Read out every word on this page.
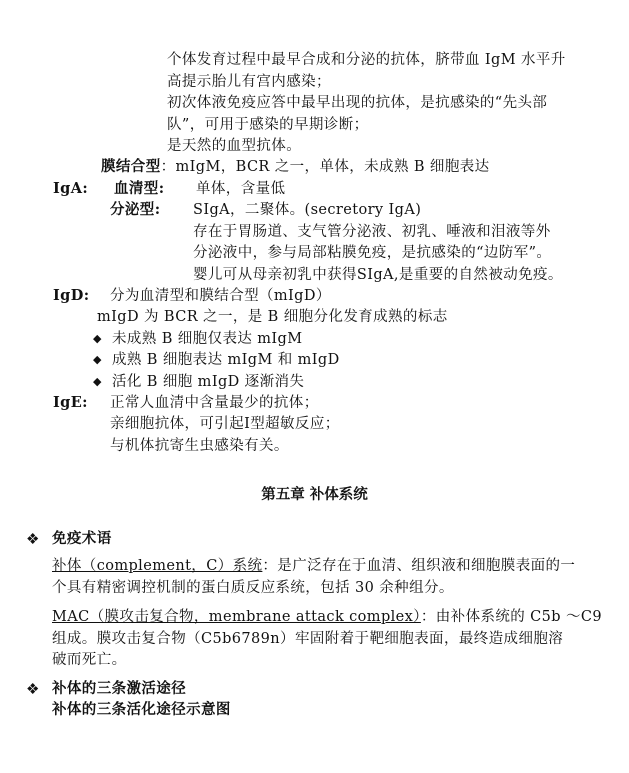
个体发育过程中最早合成和分泌的抗体，脐带血 IgM 水平升
高提示胎儿有宫内感染；
初次体液免疫应答中最早出现的抗体，是抗感染的“先头部
队”，可用于感染的早期诊断；
是天然的血型抗体。
膜结合型：mIgM，BCR 之一，单体，未成熟 B 细胞表达
IgA: 血清型: 单体，含量低
分泌型: SIgA，二聚体。(secretory IgA)
存在于胃肠道、支气管分泌液、初乳、唾液和泪液等外
分泌液中，参与局部粘膜免疫，是抗感染的“边防军”。
婴儿可从母亲初乳中获得SIgA,是重要的自然被动免疫。
IgD: 分为血清型和膜结合型（mIgD）
mIgD 为 BCR 之一，是 B 细胞分化发育成熟的标志
◆ 未成熟 B 细胞仅表达 mIgM
◆ 成熟 B 细胞表达 mIgM 和 mIgD
◆ 活化 B 细胞 mIgD 逐渐消失
IgE: 正常人血清中含量最少的抗体；
亲细胞抗体，可引起Ⅰ型超敏反应；
与机体抗寄生虫感染有关。
第五章 补体系统
❖ 免疫术语
补体（complement，C）系统：是广泛存在于血清、组织液和细胞膜表面的一
个具有精密调控机制的蛋白质反应系统，包括 30 余种组分。
MAC（膜攻击复合物，membrane attack complex）：由补体系统的 C5b ～C9
组成。膜攻击复合物（C5b6789n）牢固附着于靶细胞表面，最终造成细胞溶
破而死亡。
❖ 补体的三条激活途径
补体的三条活化途径示意图
